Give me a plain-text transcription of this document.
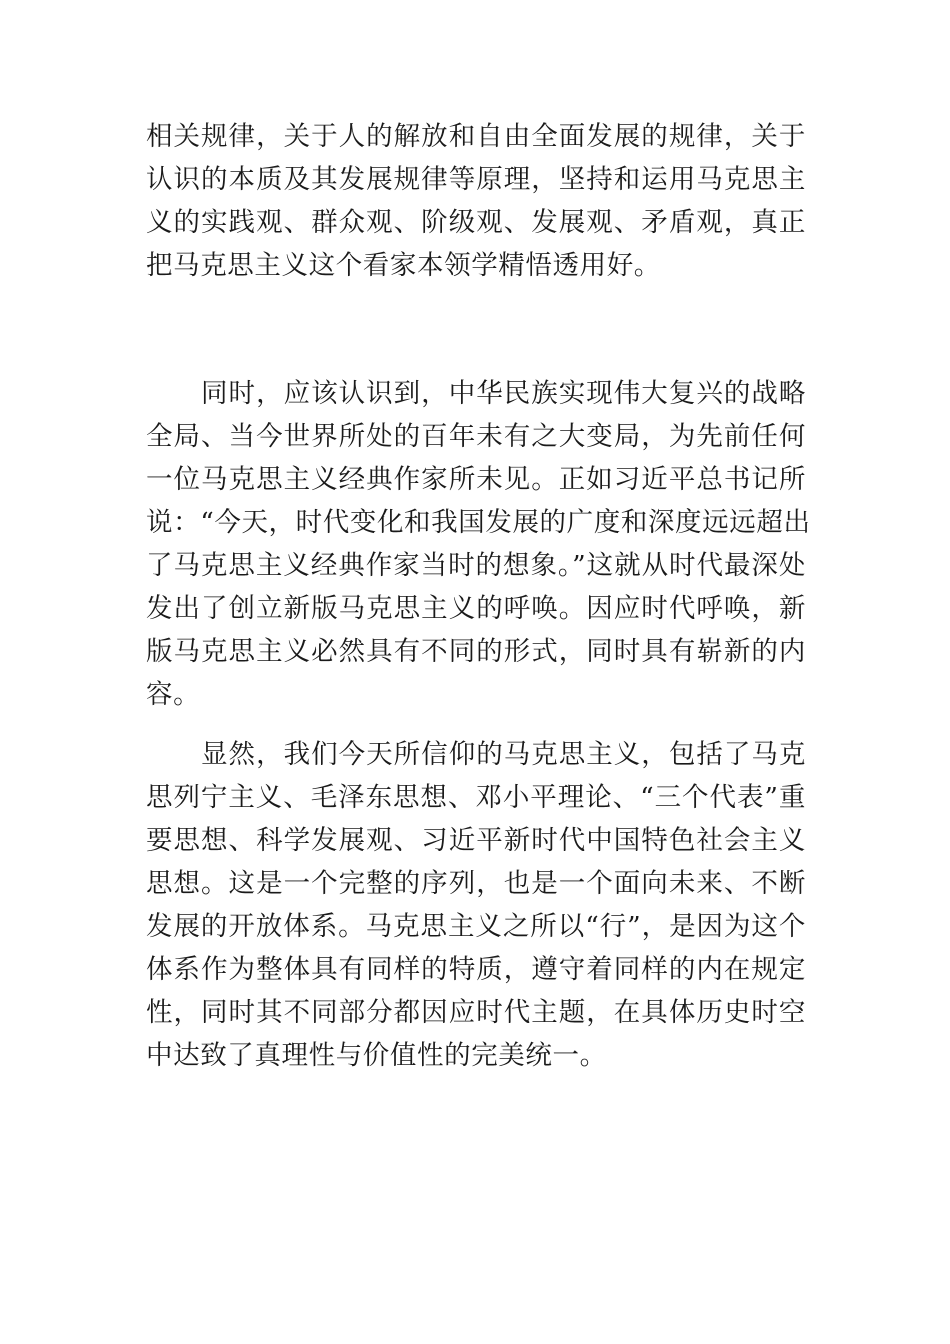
相关规律，关于人的解放和自由全面发展的规律，关于
认识的本质及其发展规律等原理，坚持和运用马克思主
义的实践观、群众观、阶级观、发展观、矛盾观，真正
把马克思主义这个看家本领学精悟透用好。
　　同时，应该认识到，中华民族实现伟大复兴的战略
全局、当今世界所处的百年未有之大变局，为先前任何
一位马克思主义经典作家所未见。正如习近平总书记所
说：“今天，时代变化和我国发展的广度和深度远远超出
了马克思主义经典作家当时的想象。”这就从时代最深处
发出了创立新版马克思主义的呼唤。因应时代呼唤，新
版马克思主义必然具有不同的形式，同时具有崭新的内
容。
　　显然，我们今天所信仰的马克思主义，包括了马克
思列宁主义、毛泽东思想、邓小平理论、“三个代表”重
要思想、科学发展观、习近平新时代中国特色社会主义
思想。这是一个完整的序列，也是一个面向未来、不断
发展的开放体系。马克思主义之所以“行”，是因为这个
体系作为整体具有同样的特质，遵守着同样的内在规定
性，同时其不同部分都因应时代主题，在具体历史时空
中达致了真理性与价值性的完美统一。
